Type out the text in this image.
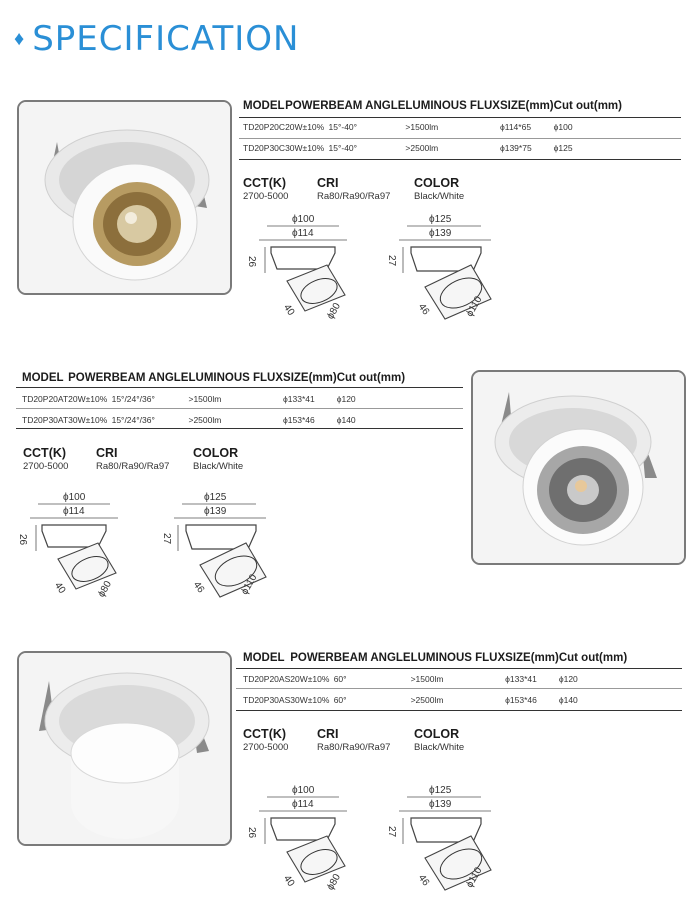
♦ SPECIFICATION
MODEL	POWER	BEAM ANGLE	LUMINOUS FLUX	SIZE(mm)	Cut out(mm)
TD20P20C	20W±10%	15°-40°	>1500lm	ϕ114*65	ϕ100
TD20P30C	30W±10%	15°-40°	>2500lm	ϕ139*75	ϕ125
CCT(K)
2700-5000
CRI
Ra80/Ra90/Ra97
COLOR
Black/White
ϕ100
ϕ114
26
40	ϕ80
ϕ125
ϕ139
27
46	ϕ110
MODEL	POWER	BEAM ANGLE	LUMINOUS FLUX	SIZE(mm)	Cut out(mm)
TD20P20AT	20W±10%	15°/24°/36°	>1500lm	ϕ133*41	ϕ120
TD20P30AT	30W±10%	15°/24°/36°	>2500lm	ϕ153*46	ϕ140
CCT(K)
2700-5000
CRI
Ra80/Ra90/Ra97
COLOR
Black/White
ϕ100
ϕ114
26
40	ϕ80
ϕ125
ϕ139
27
46	ϕ110
MODEL	POWER	BEAM ANGLE	LUMINOUS FLUX	SIZE(mm)	Cut out(mm)
TD20P20AS	20W±10%	60°	>1500lm	ϕ133*41	ϕ120
TD20P30AS	30W±10%	60°	>2500lm	ϕ153*46	ϕ140
CCT(K)
2700-5000
CRI
Ra80/Ra90/Ra97
COLOR
Black/White
ϕ100
ϕ114
26
40	ϕ80
ϕ125
ϕ139
27
46	ϕ110
